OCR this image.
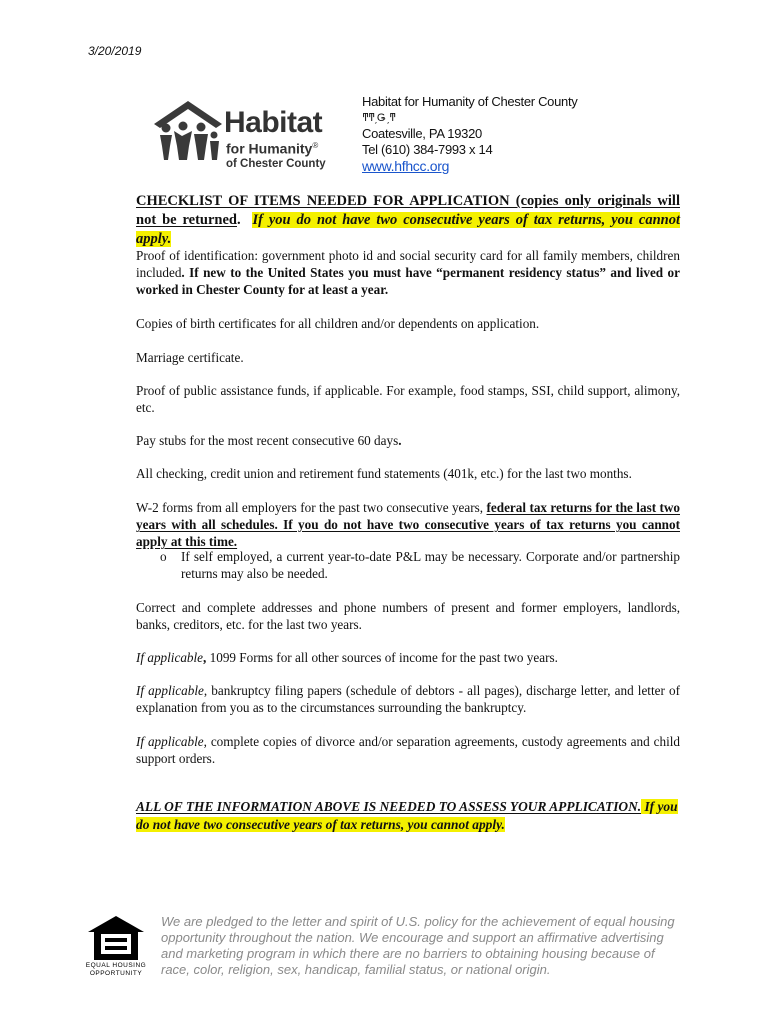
3/20/2019
Habitat
for Humanity®
of Chester County
Habitat for Humanity of Chester County
ͳͳ͵Ǥ ͵ͳ
Coatesville, PA 19320
Tel (610) 384-7993 x 14
www.hfhcc.org
CHECKLIST OF ITEMS NEEDED FOR APPLICATION (copies only originals will not be returned. If you do not have two consecutive years of tax returns, you cannot apply.
Proof of identification: government photo id and social security card for all family members, children included. If new to the United States you must have “permanent residency status” and lived or worked in Chester County for at least a year.
Copies of birth certificates for all children and/or dependents on application.
Marriage certificate.
Proof of public assistance funds, if applicable. For example, food stamps, SSI, child support, alimony, etc.
Pay stubs for the most recent consecutive 60 days.
All checking, credit union and retirement fund statements (401k, etc.) for the last two months.
W-2 forms from all employers for the past two consecutive years, federal tax returns for the last two years with all schedules. If you do not have two consecutive years of tax returns you cannot apply at this time.
o If self employed, a current year-to-date P&L may be necessary. Corporate and/or partnership returns may also be needed.
Correct and complete addresses and phone numbers of present and former employers, landlords, banks, creditors, etc. for the last two years.
If applicable, 1099 Forms for all other sources of income for the past two years.
If applicable, bankruptcy filing papers (schedule of debtors - all pages), discharge letter, and letter of explanation from you as to the circumstances surrounding the bankruptcy.
If applicable, complete copies of divorce and/or separation agreements, custody agreements and child support orders.
ALL OF THE INFORMATION ABOVE IS NEEDED TO ASSESS YOUR APPLICATION. If you do not have two consecutive years of tax returns, you cannot apply.
EQUAL HOUSING
OPPORTUNITY
We are pledged to the letter and spirit of U.S. policy for the achievement of equal housing opportunity throughout the nation. We encourage and support an affirmative advertising and marketing program in which there are no barriers to obtaining housing because of race, color, religion, sex, handicap, familial status, or national origin.
